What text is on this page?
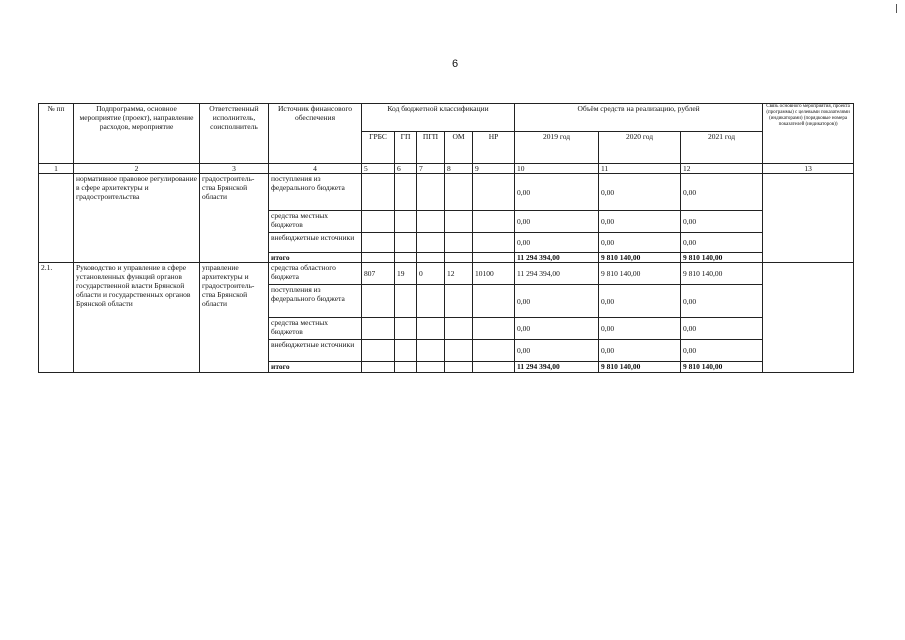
6
№ пп	Подпрограмма, основное мероприятие (проект), направление расходов, мероприятие	Ответственный исполнитель, соисполнитель	Источник финансового обеспечения	Код бюджетной классификации					Объём средств на реализацию, рублей			Связь основного мероприятия, проекта (программы) с целевыми показателями (индикаторами) (порядковые номера показателей (индикаторов))
				ГРБС	ГП	ПГП	ОМ	НР	2019 год	2020 год	2021 год	
1	2	3	4	5	6	7	8	9	10	11	12	13
	нормативное правовое регулирование в сфере архитектуры и градостроительства	градостроитель-ства Брянской области	поступления из федерального бюджета						0,00	0,00	0,00	
			средства местных бюджетов						0,00	0,00	0,00	
			внебюджетные источники						0,00	0,00	0,00	
			итого						11 294 394,00	9 810 140,00	9 810 140,00	
2.1.	Руководство и управление в сфере установленных функций органов государственной власти Брянской области и государственных органов Брянской области	управление архитектуры и градостроитель-ства Брянской области	средства областного бюджета	807	19	0	12	10100	11 294 394,00	9 810 140,00	9 810 140,00	
			поступления из федерального бюджета						0,00	0,00	0,00	
			средства местных бюджетов						0,00	0,00	0,00	
			внебюджетные источники						0,00	0,00	0,00	
			итого						11 294 394,00	9 810 140,00	9 810 140,00	
